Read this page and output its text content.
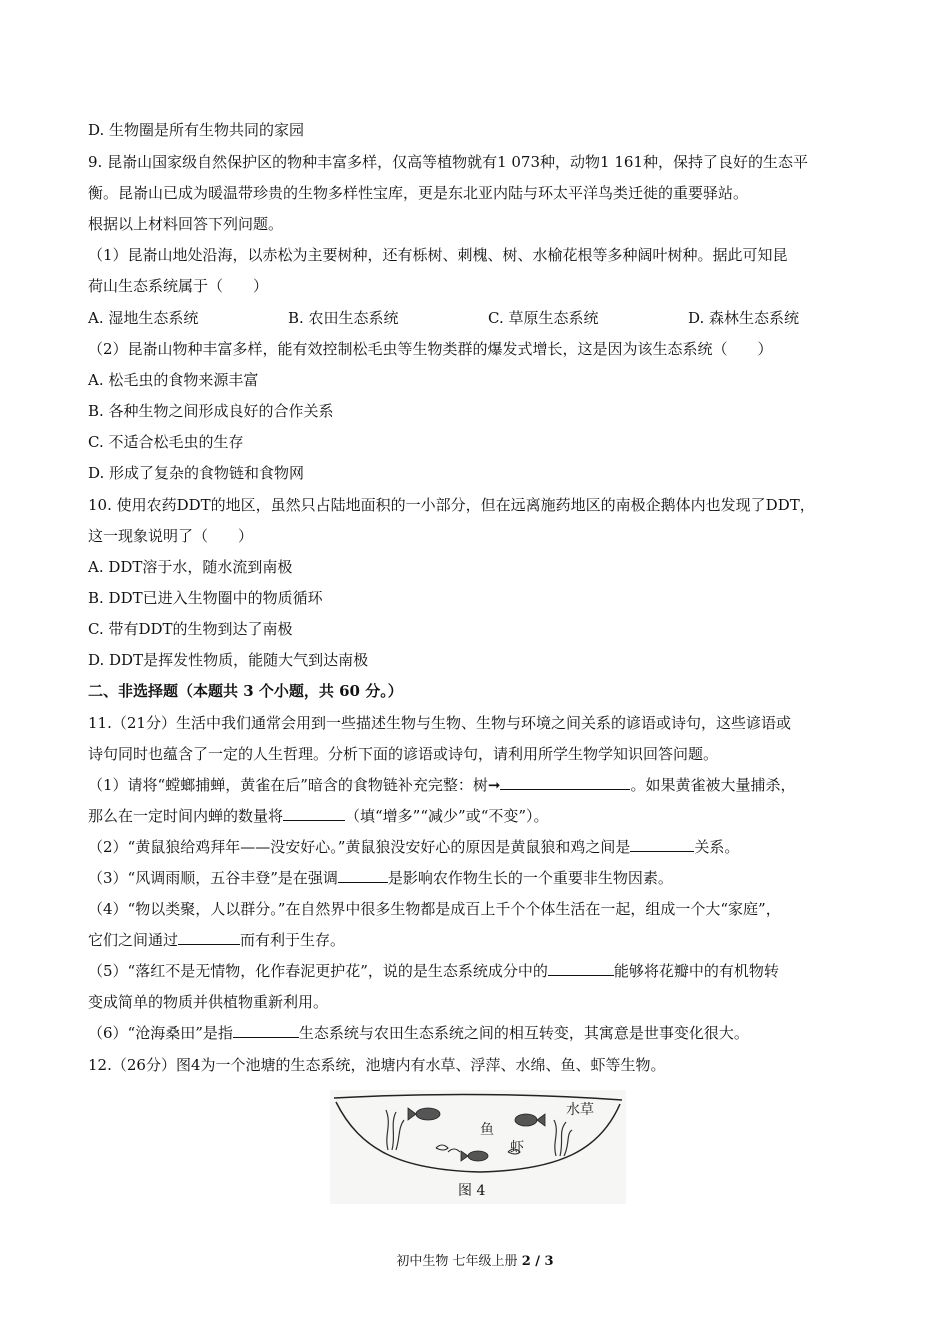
D. 生物圈是所有生物共同的家园
9. 昆嵛山国家级自然保护区的物种丰富多样，仅高等植物就有1 073种，动物1 161种，保持了良好的生态平
衡。昆嵛山已成为暖温带珍贵的生物多样性宝库，更是东北亚内陆与环太平洋鸟类迁徙的重要驿站。
根据以上材料回答下列问题。
（1）昆嵛山地处沿海，以赤松为主要树种，还有栎树、刺槐、树、水榆花根等多种阔叶树种。据此可知昆
荷山生态系统属于（　　）
A. 湿地生态系统	B. 农田生态系统	C. 草原生态系统	D. 森林生态系统
（2）昆嵛山物种丰富多样，能有效控制松毛虫等生物类群的爆发式增长，这是因为该生态系统（　　）
A. 松毛虫的食物来源丰富
B. 各种生物之间形成良好的合作关系
C. 不适合松毛虫的生存
D. 形成了复杂的食物链和食物网
10. 使用农药DDT的地区，虽然只占陆地面积的一小部分，但在远离施药地区的南极企鹅体内也发现了DDT，
这一现象说明了（　　）
A. DDT溶于水，随水流到南极
B. DDT已进入生物圈中的物质循环
C. 带有DDT的生物到达了南极
D. DDT是挥发性物质，能随大气到达南极
二、非选择题（本题共 3 个小题，共 60 分。）
11.（21分）生活中我们通常会用到一些描述生物与生物、生物与环境之间关系的谚语或诗句，这些谚语或
诗句同时也蕴含了一定的人生哲理。分析下面的谚语或诗句，请利用所学生物学知识回答问题。
（1）请将“螳螂捕蝉，黄雀在后”暗含的食物链补充完整：树➞	。如果黄雀被大量捕杀，
那么在一定时间内蝉的数量将	（填“增多”“减少”或“不变”）。
（2）“黄鼠狼给鸡拜年——没安好心。”黄鼠狼没安好心的原因是黄鼠狼和鸡之间是	关系。
（3）“风调雨顺，五谷丰登”是在强调	是影响农作物生长的一个重要非生物因素。
（4）“物以类聚，人以群分。”在自然界中很多生物都是成百上千个个体生活在一起，组成一个大“家庭”，
它们之间通过	而有利于生存。
（5）“落红不是无情物，化作春泥更护花”，说的是生态系统成分中的	能够将花瓣中的有机物转
变成简单的物质并供植物重新利用。
（6）“沧海桑田”是指	生态系统与农田生态系统之间的相互转变，其寓意是世事变化很大。
12.（26分）图4为一个池塘的生态系统，池塘内有水草、浮萍、水绵、鱼、虾等生物。
水草
鱼
虾
图 4
初中生物 七年级上册 2 / 3
